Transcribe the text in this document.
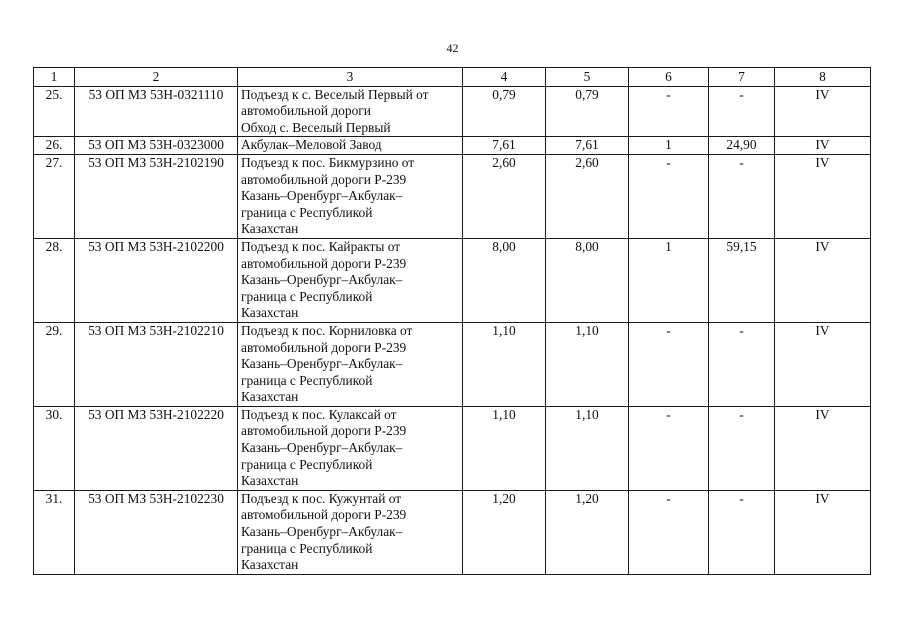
42
1	2	3	4	5	6	7	8
25.	53 ОП МЗ 53Н-0321110	Подъезд к с. Веселый Первый от
автомобильной дороги
Обход с. Веселый Первый	0,79	0,79	-	-	IV
26.	53 ОП МЗ 53Н-0323000	Акбулак–Меловой Завод	7,61	7,61	1	24,90	IV
27.	53 ОП МЗ 53Н-2102190	Подъезд к пос. Бикмурзино от
автомобильной дороги Р-239
Казань–Оренбург–Акбулак–
граница с Республикой
Казахстан	2,60	2,60	-	-	IV
28.	53 ОП МЗ 53Н-2102200	Подъезд к пос. Кайракты от
автомобильной дороги Р-239
Казань–Оренбург–Акбулак–
граница с Республикой
Казахстан	8,00	8,00	1	59,15	IV
29.	53 ОП МЗ 53Н-2102210	Подъезд к пос. Корниловка от
автомобильной дороги Р-239
Казань–Оренбург–Акбулак–
граница с Республикой
Казахстан	1,10	1,10	-	-	IV
30.	53 ОП МЗ 53Н-2102220	Подъезд к пос. Кулаксай от
автомобильной дороги Р-239
Казань–Оренбург–Акбулак–
граница с Республикой
Казахстан	1,10	1,10	-	-	IV
31.	53 ОП МЗ 53Н-2102230	Подъезд к пос. Кужунтай от
автомобильной дороги Р-239
Казань–Оренбург–Акбулак–
граница с Республикой
Казахстан	1,20	1,20	-	-	IV
